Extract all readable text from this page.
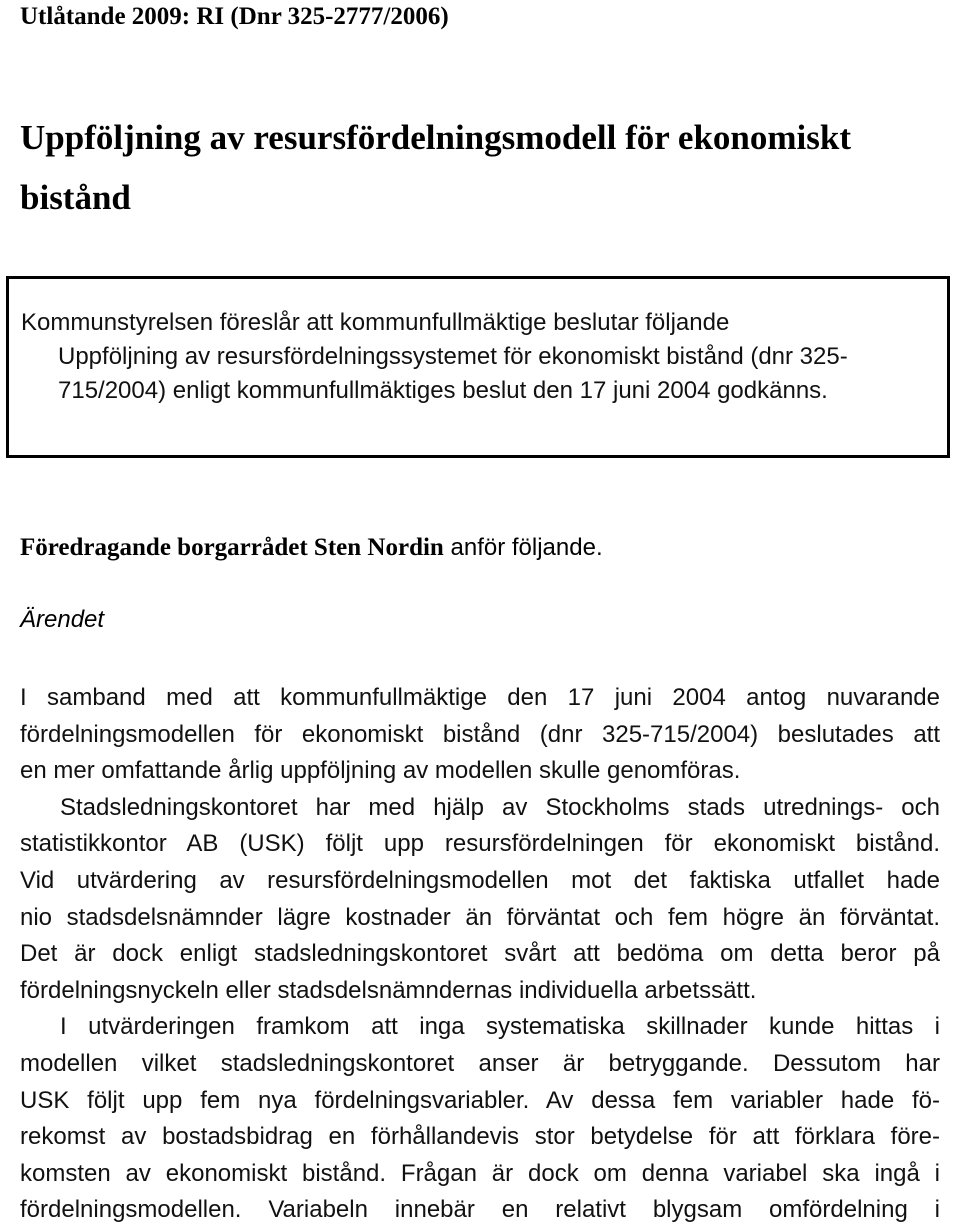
Utlåtande 2009: RI (Dnr 325-2777/2006)
Uppföljning av resursfördelningsmodell för ekonomiskt
bistånd
Kommunstyrelsen föreslår att kommunfullmäktige beslutar följande
Uppföljning av resursfördelningssystemet för ekonomiskt bistånd (dnr 325-
715/2004) enligt kommunfullmäktiges beslut den 17 juni 2004 godkänns.
Föredragande borgarrådet Sten Nordin anför följande.
Ärendet
I samband med att kommunfullmäktige den 17 juni 2004 antog nuvarande
fördelningsmodellen för ekonomiskt bistånd (dnr 325-715/2004) beslutades att
en mer omfattande årlig uppföljning av modellen skulle genomföras.
Stadsledningskontoret har med hjälp av Stockholms stads utrednings- och
statistikkontor AB (USK) följt upp resursfördelningen för ekonomiskt bistånd.
Vid utvärdering av resursfördelningsmodellen mot det faktiska utfallet hade
nio stadsdelsnämnder lägre kostnader än förväntat och fem högre än förväntat.
Det är dock enligt stadsledningskontoret svårt att bedöma om detta beror på
fördelningsnyckeln eller stadsdelsnämndernas individuella arbetssätt.
I utvärderingen framkom att inga systematiska skillnader kunde hittas i
modellen vilket stadsledningskontoret anser är betryggande. Dessutom har
USK följt upp fem nya fördelningsvariabler. Av dessa fem variabler hade fö-
rekomst av bostadsbidrag en förhållandevis stor betydelse för att förklara före-
komsten av ekonomiskt bistånd. Frågan är dock om denna variabel ska ingå i
fördelningsmodellen. Variabeln innebär en relativt blygsam omfördelning i
